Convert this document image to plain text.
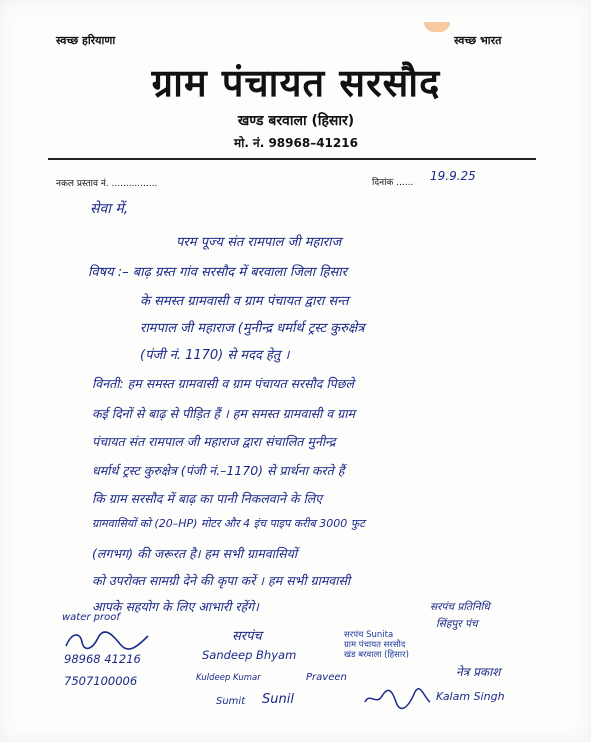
स्वच्छ हरियाणा	स्वच्छ भारत
ग्राम पंचायत सरसौद
खण्ड बरवाला (हिसार)
मो. नं. 98968–41216
नकल प्रस्ताव नं. ................	दिनांक ...... 19.9.25
सेवा में,
परम पूज्य संत रामपाल जी महाराज
विषय :– बाढ़ ग्रस्त गांव सरसौद में बरवाला जिला हिसार
के समस्त ग्रामवासी व ग्राम पंचायत द्वारा सन्त
रामपाल जी महाराज (मुनीन्द्र धर्मार्थ ट्रस्ट कुरुक्षेत्र
(पंजी नं. 1170) से मदद हेतु ।
विनती: हम समस्त ग्रामवासी व ग्राम पंचायत सरसौद पिछले
कई दिनों से बाढ़ से पीड़ित हैं । हम समस्त ग्रामवासी व ग्राम
पंचायत संत रामपाल जी महाराज द्वारा संचालित मुनीन्द्र
धर्मार्थ ट्रस्ट कुरुक्षेत्र (पंजी नं.–1170) से प्रार्थना करते हैं
कि ग्राम सरसौद में बाढ़ का पानी निकलवाने के लिए
ग्रामवासियों को (20–HP) मोटर और 4 इंच पाइप करीब 3000 फुट
(लगभग) की जरूरत है। हम सभी ग्रामवासियों
को उपरोक्त सामग्री देने की कृपा करें । हम सभी ग्रामवासी
आपके सहयोग के लिए आभारी रहेंगे।
water proof
सरपंच प्रतिनिधि
सिंहपुर पंच
सरपंच	सरपंच Sunita
ग्राम पंचायत सरसौद
खंड बरवाला (हिसार)
98968 41216
7507100006
Sandeep Bhyam
Kuldeep Kumar
Sumit Sunil
Praveen	नेत्र प्रकाश
Kalam Singh
